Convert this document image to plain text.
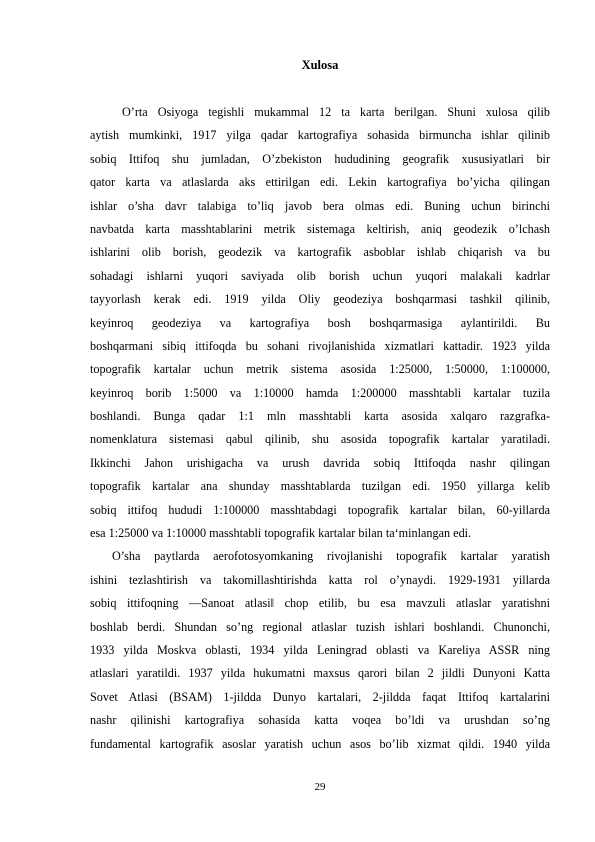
Xulosa
O’rta Osiyoga tegishli mukammal 12 ta karta berilgan. Shuni xulosa qilib
aytish mumkinki, 1917 yilga qadar kartografiya sohasida birmuncha ishlar qilinib
sobiq Ittifoq shu jumladan, O’zbekiston hududining geografik xususiyatlari bir
qator karta va atlaslarda aks ettirilgan edi. Lekin kartografiya bo’yicha qilingan
ishlar o’sha davr talabiga to’liq javob bera olmas edi. Buning uchun birinchi
navbatda karta masshtablarini metrik sistemaga keltirish, aniq geodezik o’lchash
ishlarini olib borish, geodezik va kartografik asboblar ishlab chiqarish va bu
sohadagi ishlarni yuqori saviyada olib borish uchun yuqori malakali kadrlar
tayyorlash kerak edi. 1919 yilda Oliy geodeziya boshqarmasi tashkil qilinib,
keyinroq geodeziya va kartografiya bosh boshqarmasiga aylantirildi. Bu
boshqarmani sibiq ittifoqda bu sohani rivojlanishida xizmatlari kattadir. 1923 yilda
topografik kartalar uchun metrik sistema asosida 1:25000, 1:50000, 1:100000,
keyinroq borib 1:5000 va 1:10000 hamda 1:200000 masshtabli kartalar tuzila
boshlandi. Bunga qadar 1:1 mln masshtabli karta asosida xalqaro razgrafka-
nomenklatura sistemasi qabul qilinib, shu asosida topografik kartalar yaratiladi.
Ikkinchi Jahon urishigacha va urush davrida sobiq Ittifoqda nashr qilingan
topografik kartalar ana shunday masshtablarda tuzilgan edi. 1950 yillarga kelib
sobiq ittifoq hududi 1:100000 masshtabdagi topografik kartalar bilan, 60-yillarda
esa 1:25000 va 1:10000 masshtabli topografik kartalar bilan ta‘minlangan edi.
O’sha paytlarda aerofotosyomkaning rivojlanishi topografik kartalar yaratish
ishini tezlashtirish va takomillashtirishda katta rol o’ynaydi. 1929-1931 yillarda
sobiq ittifoqning ―Sanoat atlasi‖ chop etilib, bu esa mavzuli atlaslar yaratishni
boshlab berdi. Shundan so’ng regional atlaslar tuzish ishlari boshlandi. Chunonchi,
1933 yilda Moskva oblasti, 1934 yilda Leningrad oblasti va Kareliya ASSR ning
atlaslari yaratildi. 1937 yilda hukumatni maxsus qarori bilan 2 jildli Dunyoni Katta
Sovet Atlasi (BSAM) 1-jildda Dunyo kartalari, 2-jildda faqat Ittifoq kartalarini
nashr qilinishi kartografiya sohasida katta voqea bo’ldi va urushdan so’ng
fundamental kartografik asoslar yaratish uchun asos bo’lib xizmat qildi. 1940 yilda
29
